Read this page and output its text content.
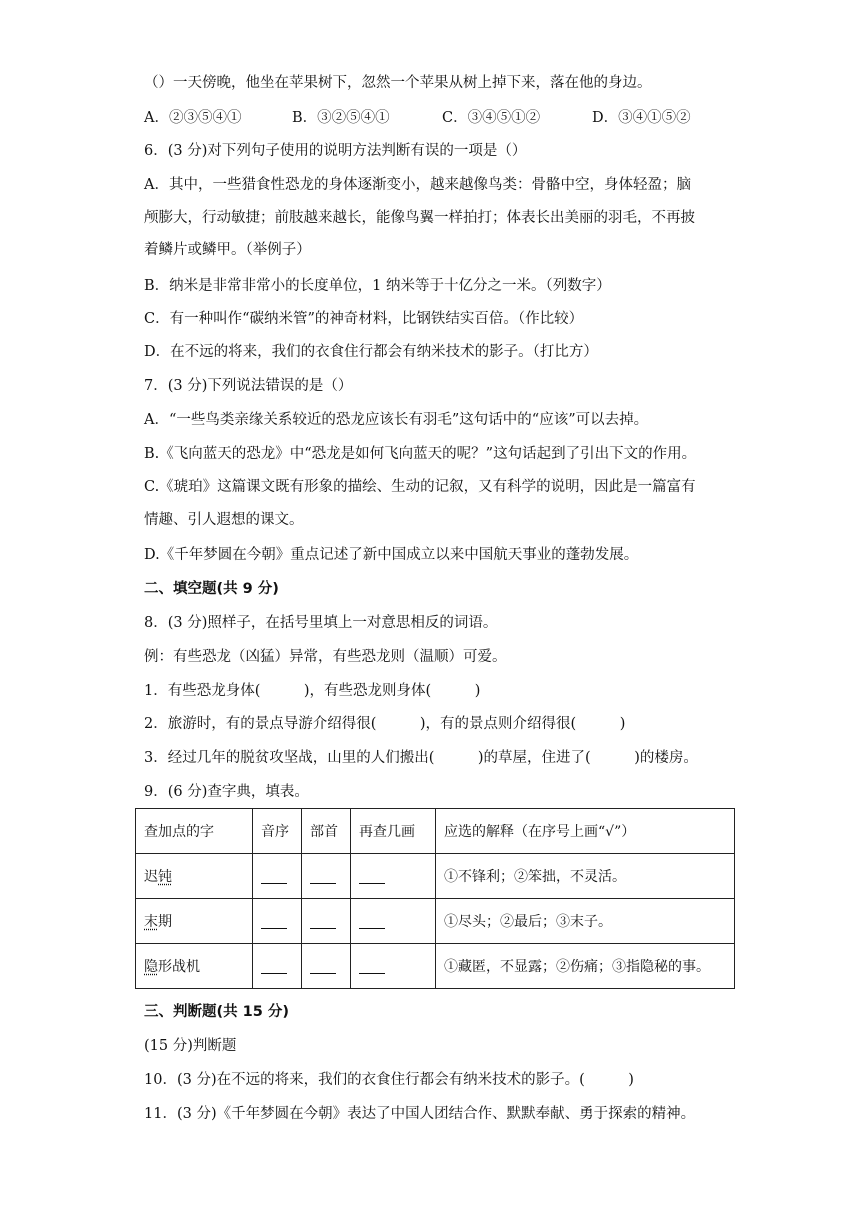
（）一天傍晚，他坐在苹果树下，忽然一个苹果从树上掉下来，落在他的身边。
A．②③⑤④①	B．③②⑤④①	C．③④⑤①②	D．③④①⑤②
6．(3 分)对下列句子使用的说明方法判断有误的一项是（）
A．其中，一些猎食性恐龙的身体逐渐变小，越来越像鸟类：骨骼中空，身体轻盈；脑
颅膨大，行动敏捷；前肢越来越长，能像鸟翼一样拍打；体表长出美丽的羽毛，不再披
着鳞片或鳞甲。（举例子）
B．纳米是非常非常小的长度单位，1 纳米等于十亿分之一米。（列数字）
C．有一种叫作“碳纳米管”的神奇材料，比钢铁结实百倍。（作比较）
D．在不远的将来，我们的衣食住行都会有纳米技术的影子。（打比方）
7．(3 分)下列说法错误的是（）
A．“一些鸟类亲缘关系较近的恐龙应该长有羽毛”这句话中的“应该”可以去掉。
B.《飞向蓝天的恐龙》中“恐龙是如何飞向蓝天的呢？”这句话起到了引出下文的作用。
C.《琥珀》这篇课文既有形象的描绘、生动的记叙，又有科学的说明，因此是一篇富有
情趣、引人遐想的课文。
D.《千年梦圆在今朝》重点记述了新中国成立以来中国航天事业的蓬勃发展。
二、填空题(共 9 分)
8．(3 分)照样子，在括号里填上一对意思相反的词语。
例：有些恐龙（凶猛）异常，有些恐龙则（温顺）可爱。
1．有些恐龙身体(　　　)，有些恐龙则身体(　　　)
2．旅游时，有的景点导游介绍得很(　　　)，有的景点则介绍得很(　　　)
3．经过几年的脱贫攻坚战，山里的人们搬出(　　　)的草屋，住进了(　　　)的楼房。
9．(6 分)查字典，填表。
查加点的字	音序	部首	再查几画	应选的解释（在序号上画“√”）
迟钝				①不锋利；②笨拙，不灵活。
末期				①尽头；②最后；③末子。
隐形战机				①藏匿，不显露；②伤痛；③指隐秘的事。
三、判断题(共 15 分)
(15 分)判断题
10．(3 分)在不远的将来，我们的衣食住行都会有纳米技术的影子。(　　　)
11．(3 分)《千年梦圆在今朝》表达了中国人团结合作、默默奉献、勇于探索的精神。
